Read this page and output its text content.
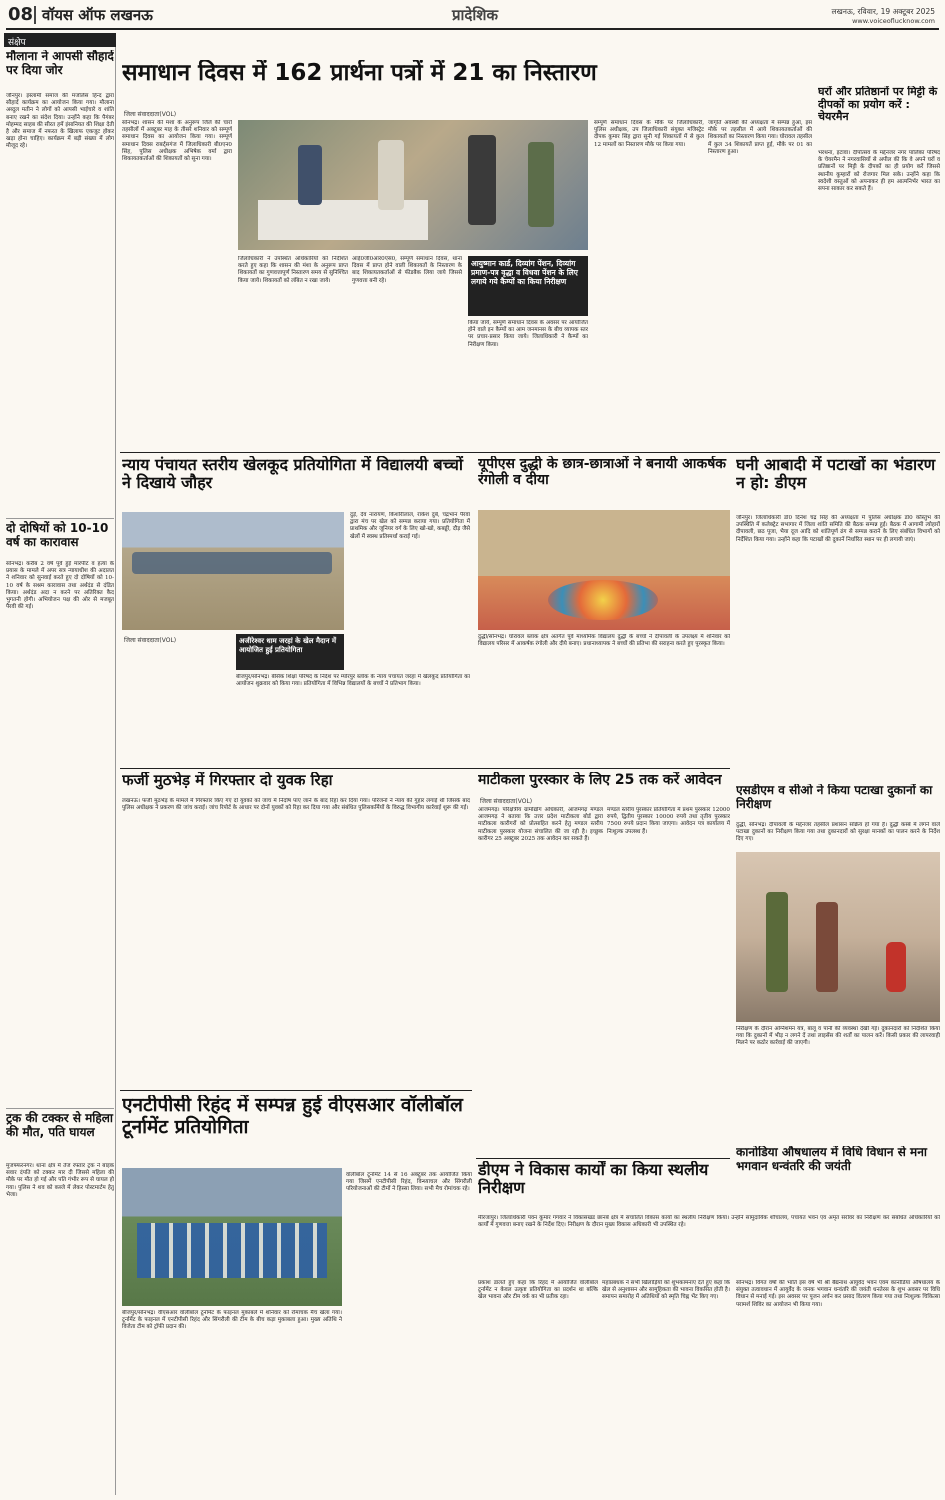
08 वॉयस ऑफ लखनऊ	प्रादेशिक	लखनऊ, रविवार, 19 अक्टूबर 2025
www.voiceoflucknow.com
संक्षेप
मौलाना ने आपसी सौहार्द पर दिया जोर
जौनपुर। इस्लामी समाज की मजलिस हिन्द द्वारा सौहार्द कार्यक्रम का आयोजन किया गया। मौलाना अब्दुल मतीन ने लोगों को आपसी भाईचारे व शांति बनाए रखने का संदेश दिया। उन्होंने कहा कि पैगंबर मोहम्मद साहब की सीरत हमें इंसानियत की शिक्षा देती है और समाज में नफरत के खिलाफ एकजुट होकर खड़ा होना चाहिए। कार्यक्रम में बड़ी संख्या में लोग मौजूद रहे।
दो दोषियों को 10-10 वर्ष का कारावास
सोनभद्र। करीब 2 वर्ष पूर्व हुई मारपीट व हत्या के प्रयास के मामले में अपर सत्र न्यायाधीश की अदालत ने शनिवार को सुनवाई करते हुए दो दोषियों को 10-10 वर्ष के सश्रम कारावास तथा अर्थदंड से दंडित किया। अर्थदंड अदा न करने पर अतिरिक्त कैद भुगतनी होगी। अभियोजन पक्ष की ओर से मजबूत पैरवी की गई।
ट्रक की टक्कर से महिला की मौत, पति घायल
मुजफ्फरनगर। थाना क्षेत्र में तेज रफ्तार ट्रक ने बाइक सवार दंपति को टक्कर मार दी जिससे महिला की मौके पर मौत हो गई और पति गंभीर रूप से घायल हो गया। पुलिस ने शव को कब्जे में लेकर पोस्टमार्टम हेतु भेजा।
समाधान दिवस में 162 प्रार्थना पत्रों में 21 का निस्तारण
जिला संवाददाता(VOL)
सोनभद्र। शासन की मंशा के अनुरूप जिले की चारों तहसीलों में अक्टूबर माह के तीसरे शनिवार को सम्पूर्ण समाधान दिवस का आयोजन किया गया। सम्पूर्ण समाधान दिवस राबर्ट्सगंज में जिलाधिकारी बी0एन0 सिंह, पुलिस अधीक्षक अभिषेक वर्मा द्वारा शिकायतकर्ताओं की शिकायतों को सुना गया।
जिलाधिकारी ने उपस्थित अधिकारियों को निर्देशित करते हुए कहा कि शासन की मंशा के अनुरूप प्राप्त शिकायतों का गुणवत्तापूर्ण निस्तारण समय से सुनिश्चित किया जाये। शिकायतों को लंबित न रखा जाये।
आई0जी0आर0एस0, सम्पूर्ण समाधान दिवस, थाना दिवस में प्राप्त होने वाली शिकायतों के निस्तारण के बाद शिकायतकर्ताओं से फीडबैक लिया जाये जिससे गुणवत्ता बनी रहे।
आयुष्मान कार्ड, दिव्यांग पेंशन, दिव्यांग प्रमाण-पत्र वृद्धा व विधवा पेंशन के लिए लगाये गये कैम्पों का किया निरीक्षण
किया जाये, सम्पूर्ण समाधान दिवस के अवसर पर आयोजित होने वाले इन कैम्पों का आम जनमानस के बीच व्यापक स्तर पर प्रचार-प्रसार किया जाये। जिलाधिकारी ने कैम्पों का निरीक्षण किया।
सम्पूर्ण समाधान दिवस के मौके पर जिलाधिकारी, पुलिस अधीक्षक, उप जिलाधिकारी संयुक्त मजिस्ट्रेट दीपक कुमार सिंह द्वारा सुनी गई शिकायतों में से कुल 12 मामलों का निस्तारण मौके पर किया गया।
जागृति अवस्थी की अध्यक्षता में सम्पन्न हुआ, इस मौके पर तहसील में आये शिकायतकर्ताओं की शिकायतों का निस्तारण किया गया। घोरावल तहसील में कुल 34 शिकायतें प्राप्त हुई, मौके पर 01 का निस्तारण हुआ।
घरों और प्रतिष्ठानों पर मिट्टी के दीपकों का प्रयोग करें : चेयरमैन
भरथना, इटावा। दीपोत्सव के मद्देनजर नगर पालिका परिषद के चेयरमैन ने नगरवासियों से अपील की कि वे अपने घरों व प्रतिष्ठानों पर मिट्टी के दीपकों का ही प्रयोग करें जिससे स्थानीय कुम्हारों को रोजगार मिल सके। उन्होंने कहा कि स्वदेशी वस्तुओं को अपनाकर ही हम आत्मनिर्भर भारत का सपना साकार कर सकते हैं।
न्याय पंचायत स्तरीय खेलकूद प्रतियोगिता में विद्यालयी बच्चों ने दिखाये जौहर
जिला संवाददाता(VOL)	अजीरेश्वर धाम जरहां के खेल मैदान में आयोजित हुई प्रतियोगिता
बीजपुर/सोनभद्र। बेसिक शिक्षा परिषद के निर्देश पर म्योरपुर ब्लॉक के न्याय पंचायत जरहां में खेलकूद प्रतियोगिता का आयोजन शुक्रवार को किया गया। प्रतियोगिता में विभिन्न विद्यालयों के बच्चों ने प्रतिभाग किया।
दुड़े, देव नारायण, किशोरीलाल, राकेश दुबे, चंद्रभान पैरवा द्वारा मंच पर खेल को सम्पन्न कराया गया। प्रतियोगिता में प्राथमिक और जूनियर वर्ग के लिए खो-खो, कबड्डी, दौड़ जैसे खेलों में स्वस्थ प्रतिस्पर्धा कराई गई।
यूपीएस दुद्धी के छात्र-छात्राओं ने बनायी आकर्षक रंगोली व दीया
दुद्धी/सोनभद्र। घोरावल ब्लाक क्षेत्र अंतर्गत पूर्व माध्यमिक विद्यालय दुद्धी के बच्चों ने दीपावली के उपलक्ष्य में शनिवार को विद्यालय परिसर में आकर्षक रंगोली और दीये बनाए। प्रधानाध्यापक ने बच्चों की प्रतिभा की सराहना करते हुए पुरस्कृत किया।
घनी आबादी में पटाखों का भंडारण न हो: डीएम
जौनपुर। जिलाधिकारी डॉ0 दिनेश चंद्र सिंह की अध्यक्षता में पुलिस अधीक्षक डॉ0 कौस्तुभ की उपस्थिति में कलेक्ट्रेट सभागार में जिला शांति समिति की बैठक सम्पन्न हुई। बैठक में आगामी त्योहारों दीपावली, छठ पूजा, भैया दूज आदि को शांतिपूर्ण ढंग से सम्पन्न कराने के लिए संबंधित विभागों को निर्देशित किया गया। उन्होंने कहा कि पटाखों की दुकानें निर्धारित स्थान पर ही लगायी जाएं।
फर्जी मुठभेड़ में गिरफ्तार दो युवक रिहा
लखनऊ। फर्जी मुठभेड़ के मामले में गिरफ्तार किए गए दो युवकों को जांच में निर्दोष पाए जाने के बाद रिहा कर दिया गया। परिजनों ने न्याय की गुहार लगाई थी जिसके बाद पुलिस अधीक्षक ने प्रकरण की जांच कराई। जांच रिपोर्ट के आधार पर दोनों युवकों को रिहा कर दिया गया और संबंधित पुलिसकर्मियों के विरुद्ध विभागीय कार्रवाई शुरू की गई।
माटीकला पुरस्कार के लिए 25 तक करें आवेदन
जिला संवाददाता(VOL)
आजमगढ़। परिक्षेत्रीय ग्रामोद्योग अधिकारी, आजमगढ़ मण्डल आजमगढ़ ने बताया कि उत्तर प्रदेश माटीकला बोर्ड द्वारा माटीकला कारीगरों को प्रोत्साहित करने हेतु मण्डल स्तरीय माटीकला पुरस्कार योजना संचालित की जा रही है। इच्छुक कारीगर 25 अक्टूबर 2025 तक आवेदन कर सकते हैं।
मण्डल स्तरीय पुरस्कार प्रतियोगिता में प्रथम पुरस्कार 12000 रुपये, द्वितीय पुरस्कार 10000 रुपये तथा तृतीय पुरस्कार 7500 रुपये प्रदान किया जाएगा। आवेदन पत्र कार्यालय में निःशुल्क उपलब्ध हैं।
एसडीएम व सीओ ने किया पटाखा दुकानों का निरीक्षण
दुद्धी, सोनभद्र। दीपावली के मद्देनजर तहसील प्रशासन सक्रिय हो गया है। दुद्धी कस्बे में लगने वाले पटाखा दुकानों का निरीक्षण किया गया तथा दुकानदारों को सुरक्षा मानकों का पालन करने के निर्देश दिए गए।
निरीक्षण के दौरान अग्निशमन यंत्र, बालू व पानी की व्यवस्था देखी गई। दुकानदारों को निर्देशित किया गया कि दुकानों में भीड़ न लगने दें तथा लाइसेंस की शर्तों का पालन करें। किसी प्रकार की लापरवाही मिलने पर कठोर कार्रवाई की जाएगी।
डीएम ने विकास कार्यों का किया स्थलीय निरीक्षण
मीरजापुर। जिलाधिकारी पवन कुमार गंगवार ने विकासखंड छानबे क्षेत्र में संचालित विकास कार्यों का स्थलीय निरीक्षण किया। उन्होंने सामुदायिक शौचालय, पंचायत भवन एवं अमृत सरोवर का निरीक्षण कर संबंधित अधिकारियों को कार्यों में गुणवत्ता बनाए रखने के निर्देश दिए। निरीक्षण के दौरान मुख्य विकास अधिकारी भी उपस्थित रहे।
कानोडिया औषधालय में विधि विधान से मना भगवान धन्वंतरि की जयंती
सोनभद्र। विगत वर्षों की भांति इस वर्ष भी श्री बैद्यनाथ आयुर्वेद भवन एवम कानोडिया औषधालय के संयुक्त तत्वावधान में आयुर्वेद के जनक भगवान धन्वंतरि की जयंती धनतेरस के शुभ अवसर पर विधि विधान से मनाई गई। इस अवसर पर पूजन अर्चन कर प्रसाद वितरण किया गया तथा निःशुल्क चिकित्सा परामर्श शिविर का आयोजन भी किया गया।
एनटीपीसी रिहंद में सम्पन्न हुई वीएसआर वॉलीबॉल टूर्नामेंट प्रतियोगिता
बीजपुर/सोनभद्र। वीएसआर वॉलीबॉल टूर्नामेंट के फाइनल मुकाबले में शनिवार को रोमांचक मैच खेला गया। टूर्नामेंट के फाइनल में एनटीपीसी रिहंद और सिंगरौली की टीम के बीच कड़ा मुकाबला हुआ। मुख्य अतिथि ने विजेता टीम को ट्रॉफी प्रदान की।
वॉलीबॉल टूर्नामेंट 14 से 16 अक्टूबर तक आयोजित किया गया जिसमें एनटीपीसी रिहंद, विन्ध्याचल और सिंगरौली परियोजनाओं की टीमों ने हिस्सा लिया। सभी मैच रोमांचक रहे।
प्रकाश डालते हुए कहा कि रिहंद में आयोजित वॉलीबॉल टूर्नामेंट न केवल उत्कृष्ट प्रतियोगिता का प्रदर्शन था बल्कि खेल भावना और टीम वर्क का भी प्रतीक रहा।
महाप्रबंधक ने सभी खिलाड़ियों को शुभकामनाएं देते हुए कहा कि खेल से अनुशासन और सामूहिकता की भावना विकसित होती है। समापन समारोह में अतिथियों को स्मृति चिह्न भेंट किए गए।
